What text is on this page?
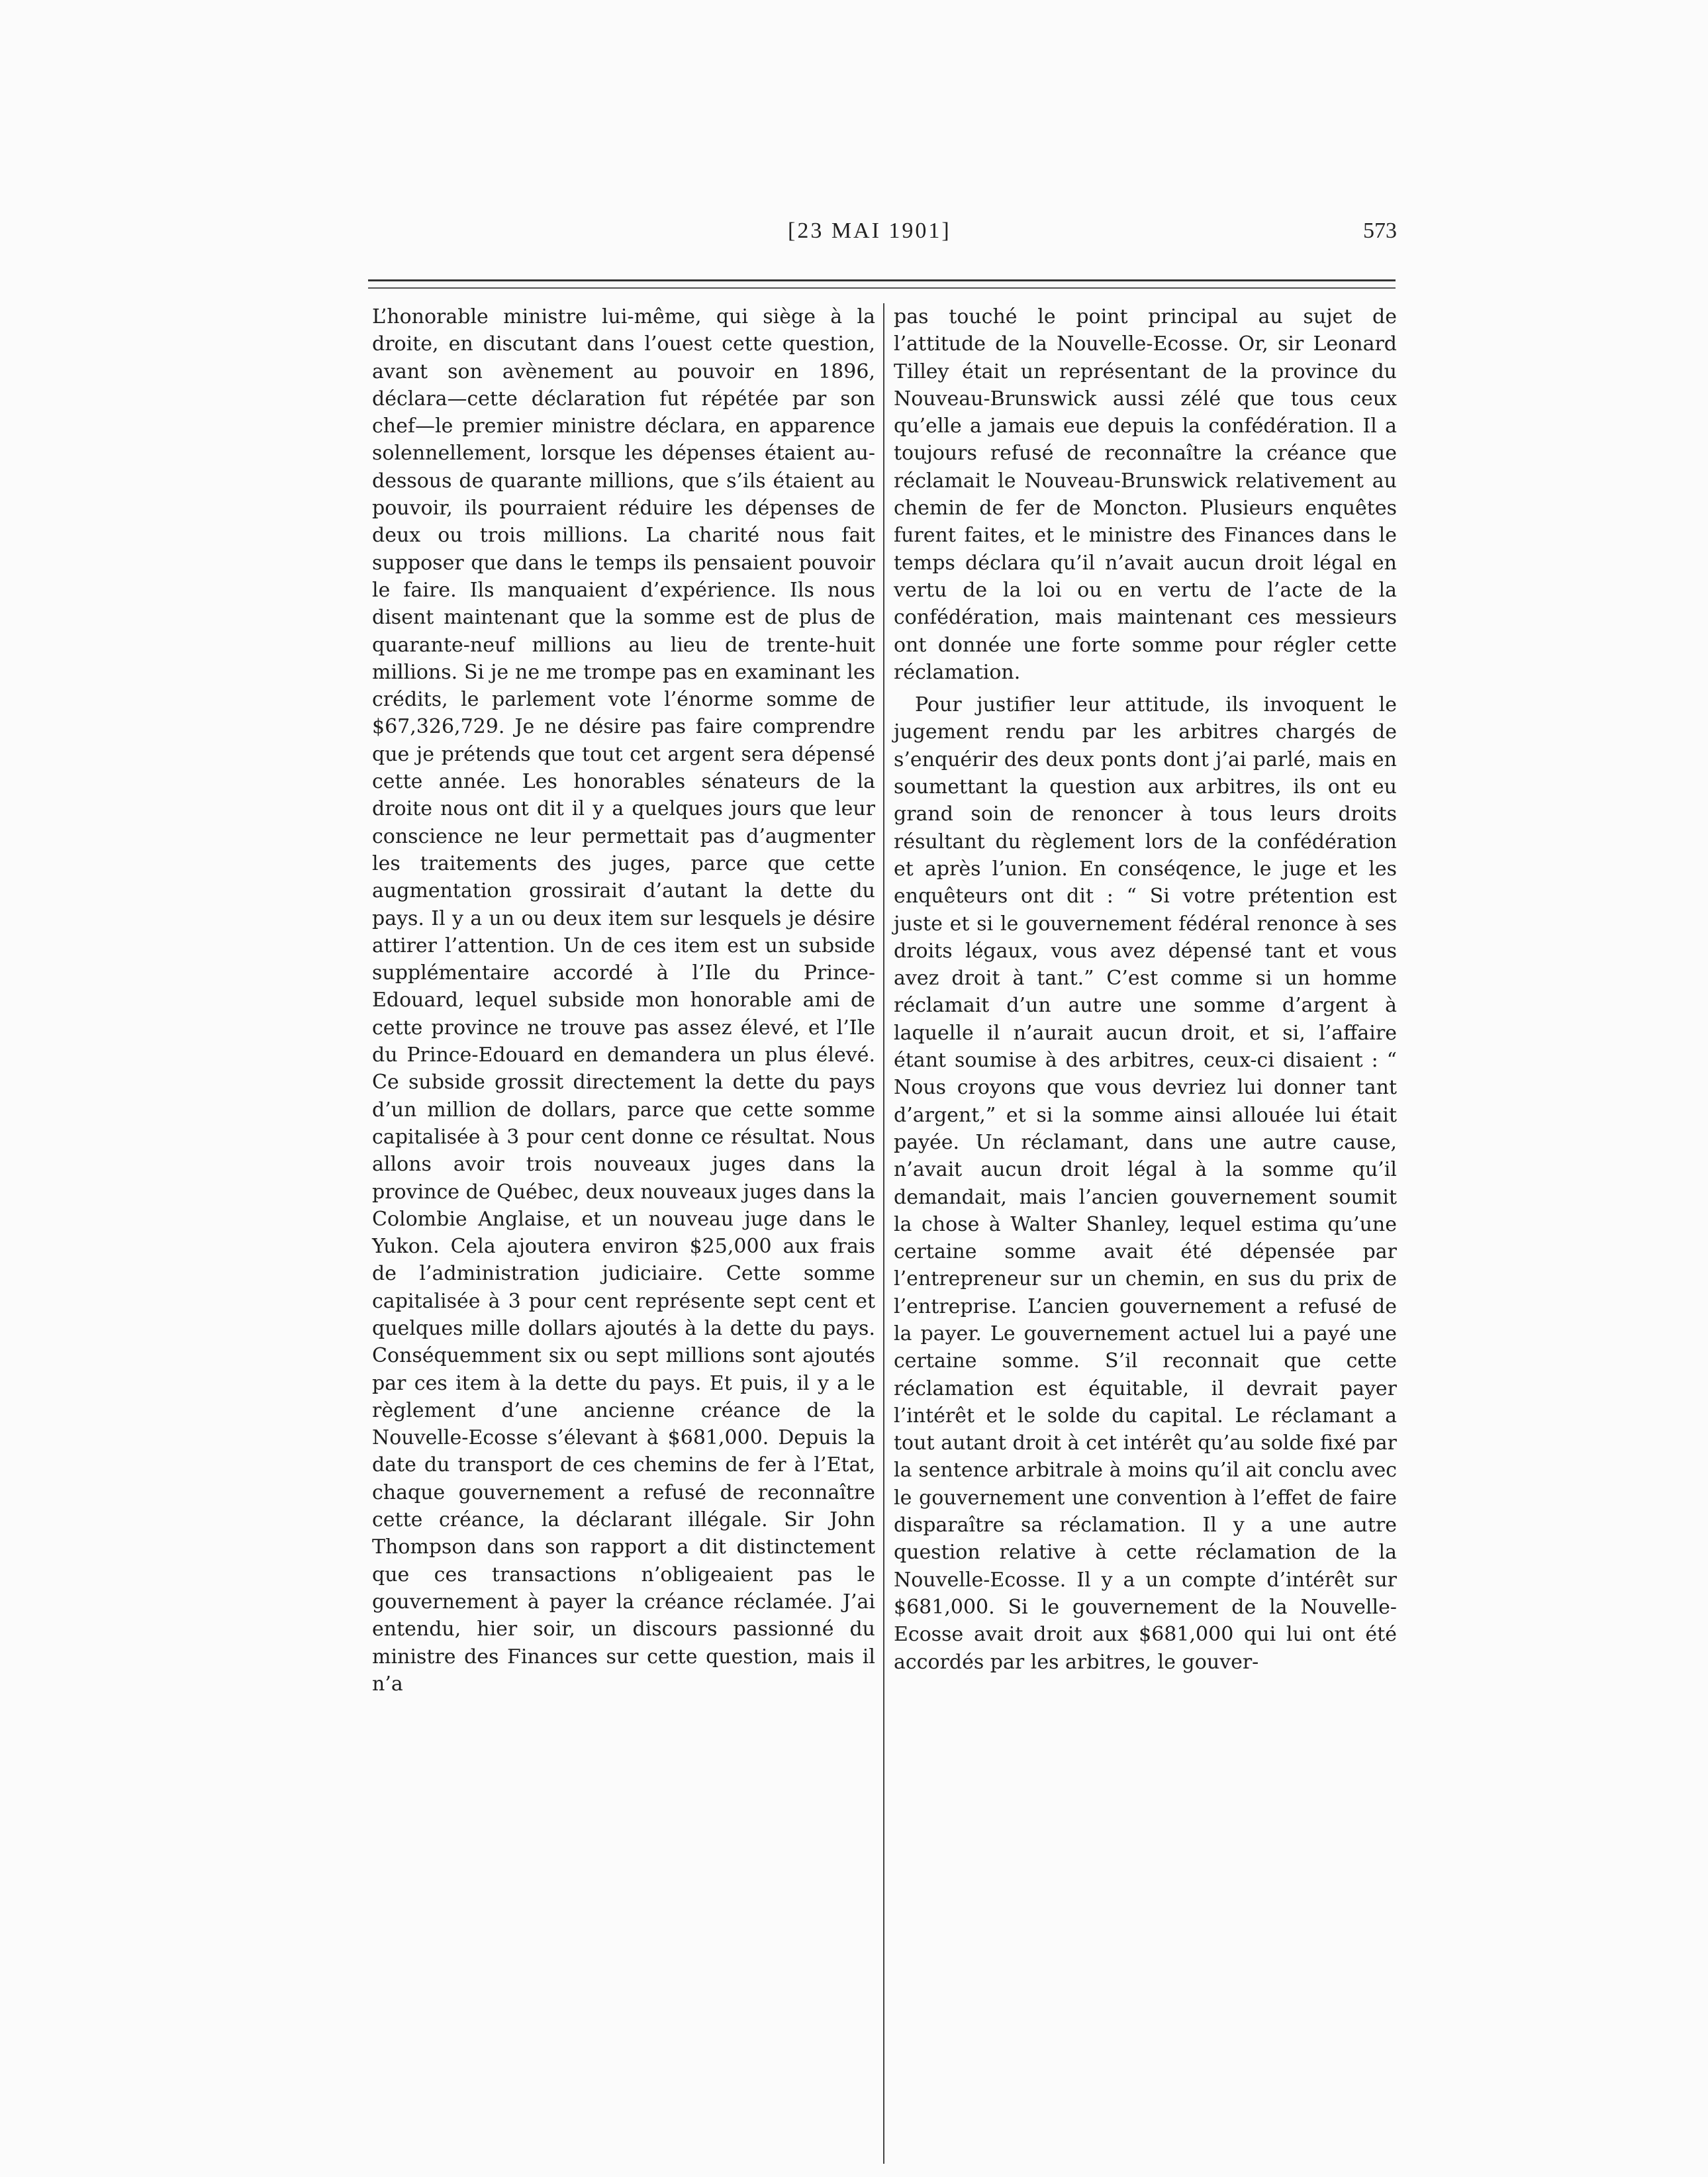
[23 MAI 1901]	573

L’honorable ministre lui-même, qui siège à la droite, en discutant dans l’ouest cette question, avant son avènement au pouvoir en 1896, déclara—cette déclaration fut répétée par son chef—le premier ministre déclara, en apparence solennellement, lorsque les dépenses étaient au-dessous de quarante millions, que s’ils étaient au pouvoir, ils pourraient réduire les dépenses de deux ou trois millions. La charité nous fait supposer que dans le temps ils pensaient pouvoir le faire. Ils manquaient d’expérience. Ils nous disent maintenant que la somme est de plus de quarante-neuf millions au lieu de trente-huit millions. Si je ne me trompe pas en examinant les crédits, le parlement vote l’énorme somme de $67,326,729. Je ne désire pas faire comprendre que je prétends que tout cet argent sera dépensé cette année. Les honorables sénateurs de la droite nous ont dit il y a quelques jours que leur conscience ne leur permettait pas d’augmenter les traitements des juges, parce que cette augmentation grossirait d’autant la dette du pays. Il y a un ou deux item sur lesquels je désire attirer l’attention. Un de ces item est un subside supplémentaire accordé à l’Ile du Prince-Edouard, lequel subside mon honorable ami de cette province ne trouve pas assez élevé, et l’Ile du Prince-Edouard en demandera un plus élevé. Ce subside grossit directement la dette du pays d’un million de dollars, parce que cette somme capitalisée à 3 pour cent donne ce résultat. Nous allons avoir trois nouveaux juges dans la province de Québec, deux nouveaux juges dans la Colombie Anglaise, et un nouveau juge dans le Yukon. Cela ajoutera environ $25,000 aux frais de l’administration judiciaire. Cette somme capitalisée à 3 pour cent représente sept cent et quelques mille dollars ajoutés à la dette du pays. Conséquemment six ou sept millions sont ajoutés par ces item à la dette du pays. Et puis, il y a le règlement d’une ancienne créance de la Nouvelle-Ecosse s’élevant à $681,000. Depuis la date du transport de ces chemins de fer à l’Etat, chaque gouvernement a refusé de reconnaître cette créance, la déclarant illégale. Sir John Thompson dans son rapport a dit distinctement que ces transactions n’obligeaient pas le gouvernement à payer la créance réclamée. J’ai entendu, hier soir, un discours passionné du ministre des Finances sur cette question, mais il n’a

pas touché le point principal au sujet de l’attitude de la Nouvelle-Ecosse. Or, sir Leonard Tilley était un représentant de la province du Nouveau-Brunswick aussi zélé que tous ceux qu’elle a jamais eue depuis la confédération. Il a toujours refusé de reconnaître la créance que réclamait le Nouveau-Brunswick relativement au chemin de fer de Moncton. Plusieurs enquêtes furent faites, et le ministre des Finances dans le temps déclara qu’il n’avait aucun droit légal en vertu de la loi ou en vertu de l’acte de la confédération, mais maintenant ces messieurs ont donnée une forte somme pour régler cette réclamation.

Pour justifier leur attitude, ils invoquent le jugement rendu par les arbitres chargés de s’enquérir des deux ponts dont j’ai parlé, mais en soumettant la question aux arbitres, ils ont eu grand soin de renoncer à tous leurs droits résultant du règlement lors de la confédération et après l’union. En conséqence, le juge et les enquêteurs ont dit : “ Si votre prétention est juste et si le gouvernement fédéral renonce à ses droits légaux, vous avez dépensé tant et vous avez droit à tant.” C’est comme si un homme réclamait d’un autre une somme d’argent à laquelle il n’aurait aucun droit, et si, l’affaire étant soumise à des arbitres, ceux-ci disaient : “ Nous croyons que vous devriez lui donner tant d’argent,” et si la somme ainsi allouée lui était payée. Un réclamant, dans une autre cause, n’avait aucun droit légal à la somme qu’il demandait, mais l’ancien gouvernement soumit la chose à Walter Shanley, lequel estima qu’une certaine somme avait été dépensée par l’entrepreneur sur un chemin, en sus du prix de l’entreprise. L’ancien gouvernement a refusé de la payer. Le gouvernement actuel lui a payé une certaine somme. S’il reconnait que cette réclamation est équitable, il devrait payer l’intérêt et le solde du capital. Le réclamant a tout autant droit à cet intérêt qu’au solde fixé par la sentence arbitrale à moins qu’il ait conclu avec le gouvernement une convention à l’effet de faire disparaître sa réclamation. Il y a une autre question relative à cette réclamation de la Nouvelle-Ecosse. Il y a un compte d’intérêt sur $681,000. Si le gouvernement de la Nouvelle-Ecosse avait droit aux $681,000 qui lui ont été accordés par les arbitres, le gouver-
